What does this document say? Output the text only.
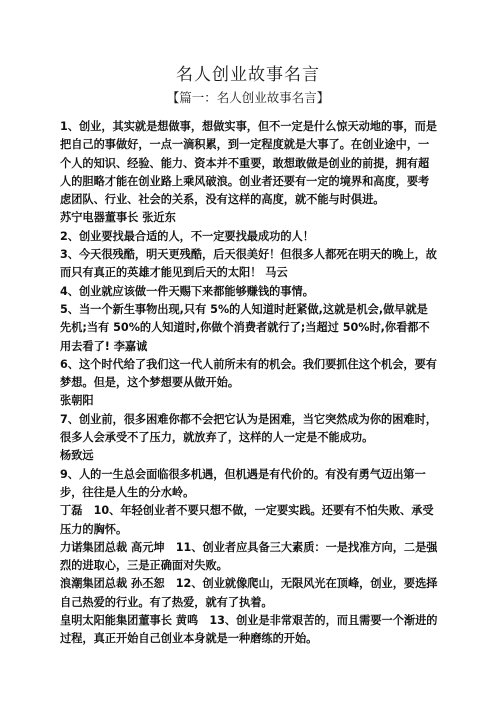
名人创业故事名言
【篇一：名人创业故事名言】

1、创业，其实就是想做事，想做实事，但不一定是什么惊天动地的事，而是把自己的事做好，一点一滴积累，到一定程度就是大事了。在创业途中，一个人的知识、经验、能力、资本并不重要，敢想敢做是创业的前提，拥有超人的胆略才能在创业路上乘风破浪。创业者还要有一定的境界和高度，要考虑团队、行业、社会的关系，没有这样的高度，就不能与时俱进。

苏宁电器董事长 张近东

2、创业要找最合适的人，不一定要找最成功的人！

3、今天很残酷，明天更残酷，后天很美好！但很多人都死在明天的晚上，故而只有真正的英雄才能见到后天的太阳！ 马云

4、创业就应该做一件天赐下来都能够赚钱的事情。

5、当一个新生事物出现,只有 5%的人知道时赶紧做,这就是机会,做早就是先机;当有 50%的人知道时,你做个消费者就行了;当超过 50%时,你看都不用去看了! 李嘉诚

6、这个时代给了我们这一代人前所未有的机会。我们要抓住这个机会，要有梦想。但是，这个梦想要从做开始。

张朝阳

7、创业前，很多困难你都不会把它认为是困难，当它突然成为你的困难时，很多人会承受不了压力，就放弃了，这样的人一定是不能成功。

杨致远

9、人的一生总会面临很多机遇，但机遇是有代价的。有没有勇气迈出第一步，往往是人生的分水岭。

丁磊　10、年轻创业者不要只想不做，一定要实践。还要有不怕失败、承受压力的胸怀。

力诺集团总裁 高元坤　11、创业者应具备三大素质：一是找准方向，二是强烈的进取心，三是正确面对失败。

浪潮集团总裁 孙丕恕　12、创业就像爬山，无限风光在顶峰，创业，要选择自己热爱的行业。有了热爱，就有了执着。

皇明太阳能集团董事长 黄鸣　13、创业是非常艰苦的，而且需要一个渐进的过程，真正开始自己创业本身就是一种磨练的开始。
